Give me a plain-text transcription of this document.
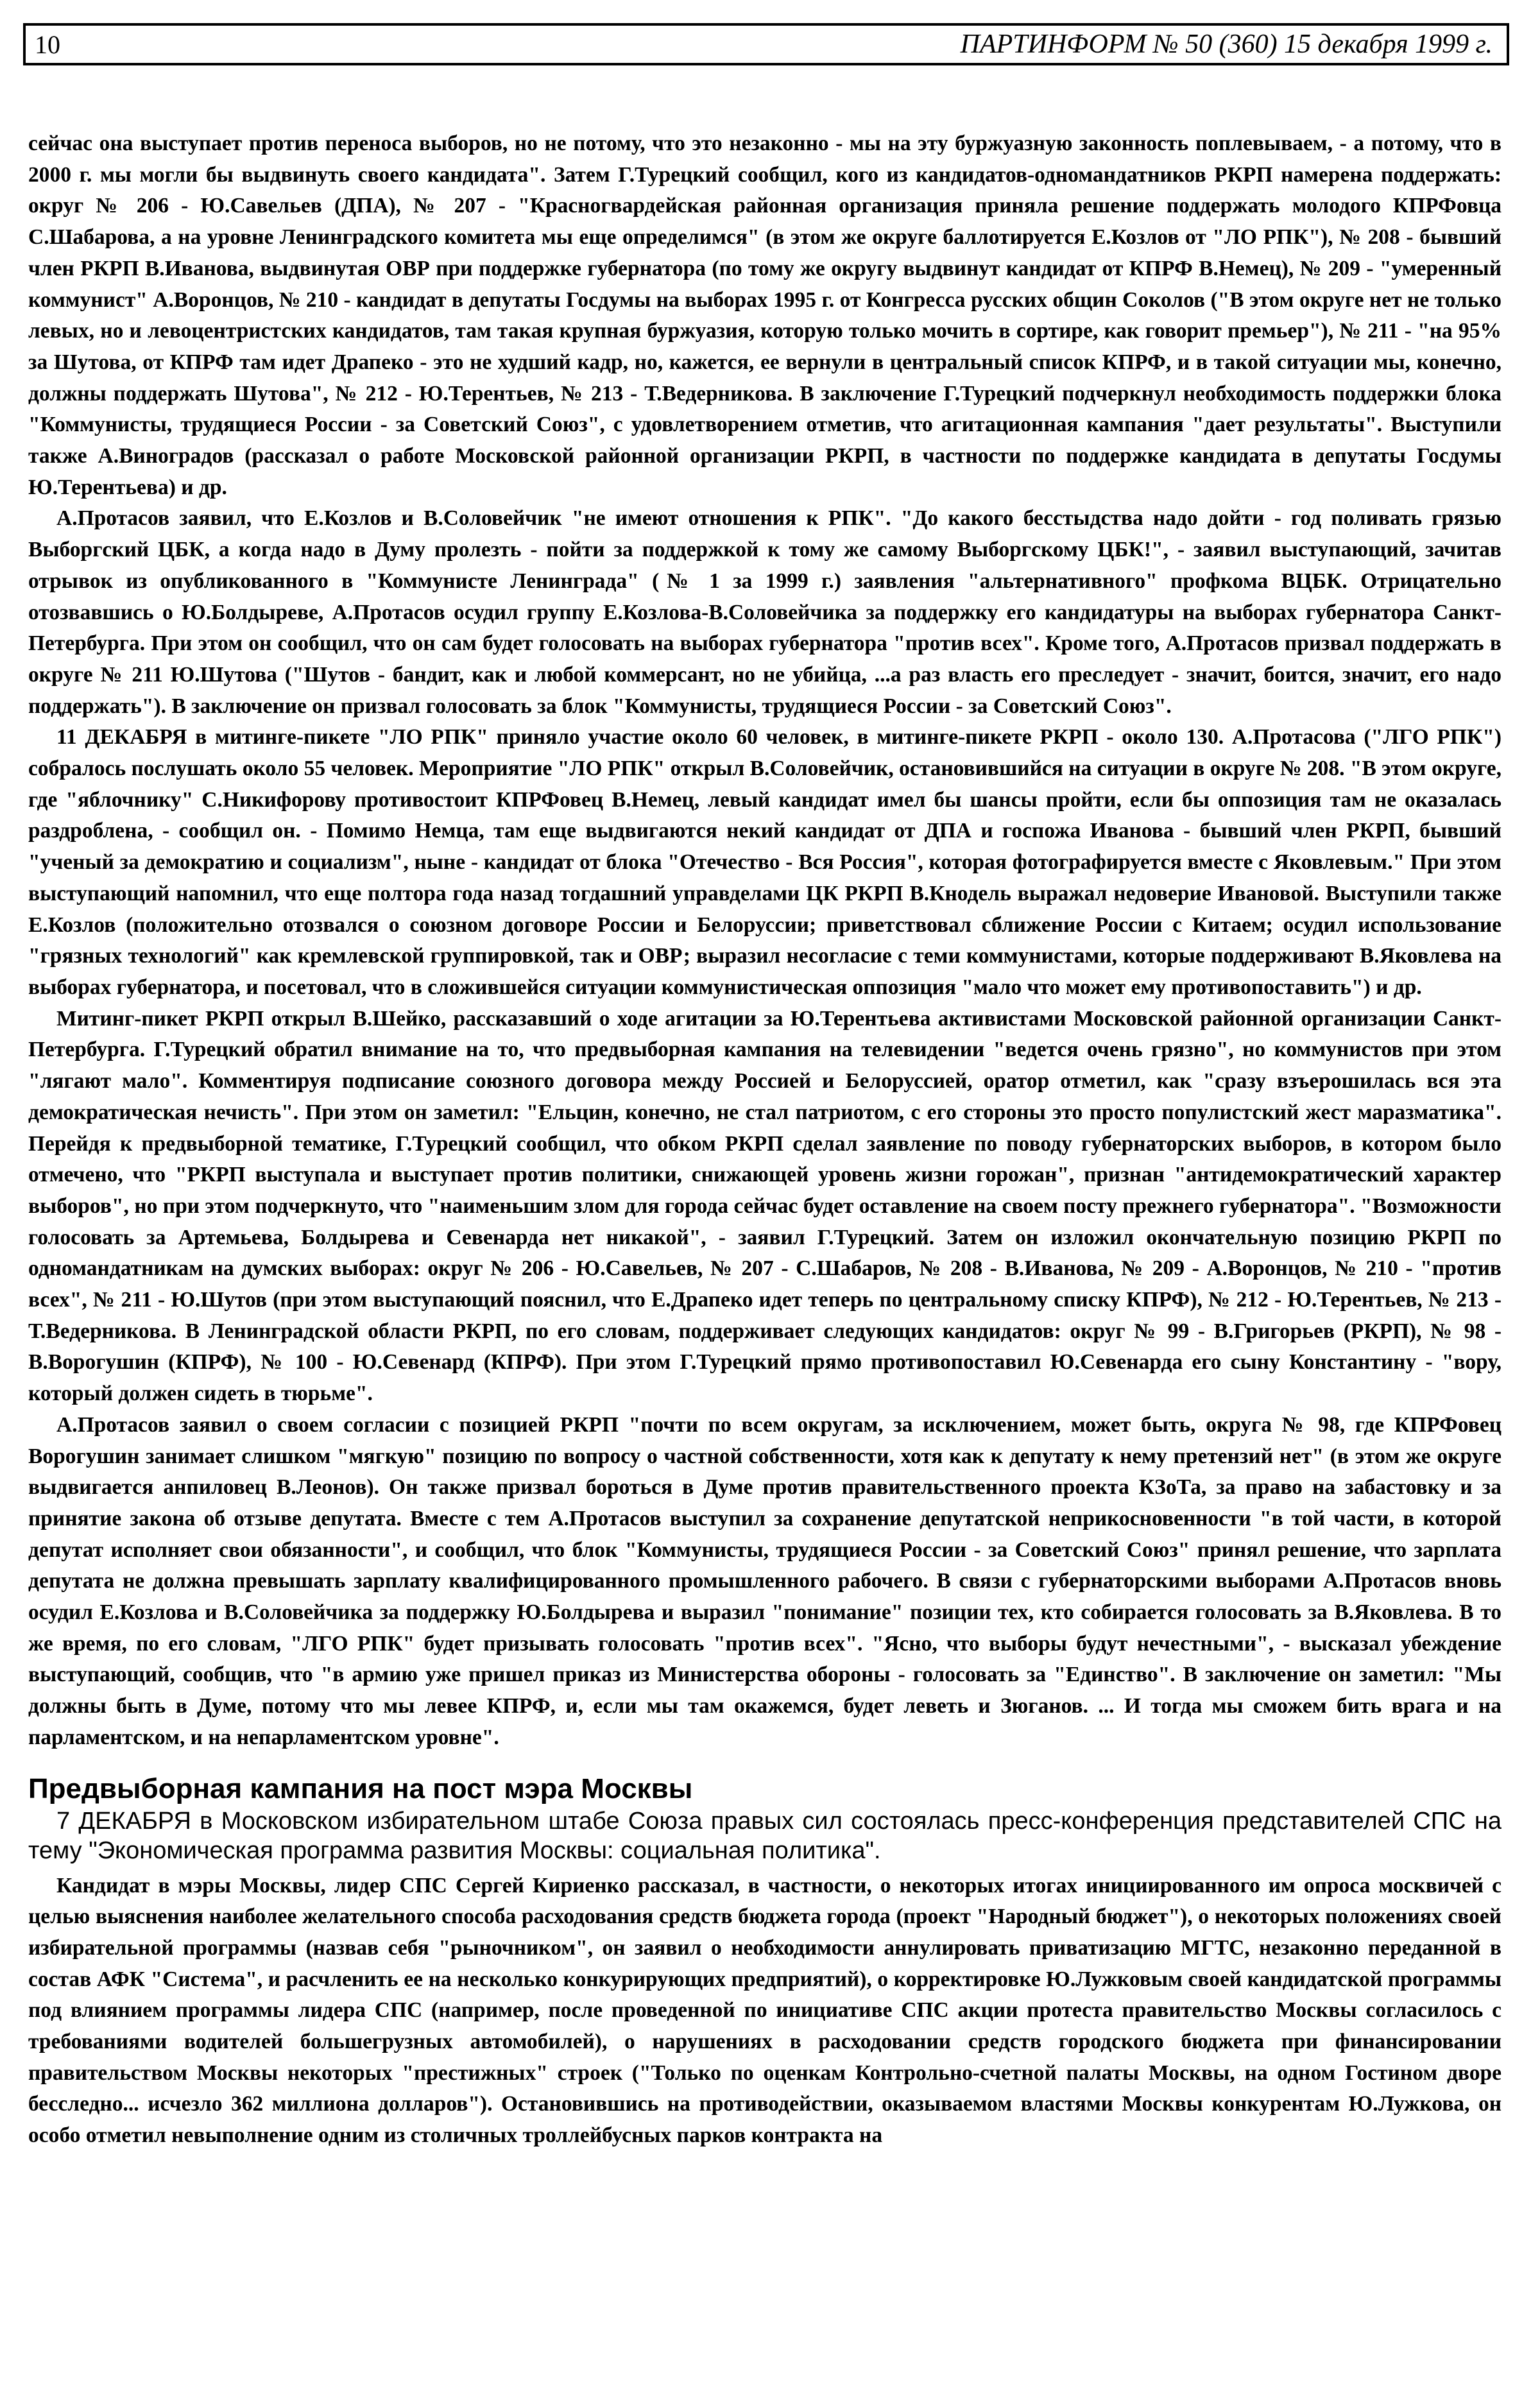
10	ПАРТИНФОРМ № 50 (360) 15 декабря 1999 г.

сейчас она выступает против переноса выборов, но не потому, что это незаконно - мы на эту буржуазную законность поплевываем, - а потому, что в 2000 г. мы могли бы выдвинуть своего кандидата". Затем Г.Турецкий сообщил, кого из кандидатов-одномандатников РКРП намерена поддержать: округ № 206 - Ю.Савельев (ДПА), № 207 - "Красногвардейская районная организация приняла решение поддержать молодого КПРФовца С.Шабарова, а на уровне Ленинградского комитета мы еще определимся" (в этом же округе баллотируется Е.Козлов от "ЛО РПК"), № 208 - бывший член РКРП В.Иванова, выдвинутая ОВР при поддержке губернатора (по тому же округу выдвинут кандидат от КПРФ В.Немец), № 209 - "умеренный коммунист" А.Воронцов, № 210 - кандидат в депутаты Госдумы на выборах 1995 г. от Конгресса русских общин Соколов ("В этом округе нет не только левых, но и левоцентристских кандидатов, там такая крупная буржуазия, которую только мочить в сортире, как говорит премьер"), № 211 - "на 95% за Шутова, от КПРФ там идет Драпеко - это не худший кадр, но, кажется, ее вернули в центральный список КПРФ, и в такой ситуации мы, конечно, должны поддержать Шутова", № 212 - Ю.Терентьев, № 213 - Т.Ведерникова. В заключение Г.Турецкий подчеркнул необходимость поддержки блока "Коммунисты, трудящиеся России - за Советский Союз", с удовлетворением отметив, что агитационная кампания "дает результаты". Выступили также А.Виноградов (рассказал о работе Московской районной организации РКРП, в частности по поддержке кандидата в депутаты Госдумы Ю.Терентьева) и др.

А.Протасов заявил, что Е.Козлов и В.Соловейчик "не имеют отношения к РПК". "До какого бесстыдства надо дойти - год поливать грязью Выборгский ЦБК, а когда надо в Думу пролезть - пойти за поддержкой к тому же самому Выборгскому ЦБК!", - заявил выступающий, зачитав отрывок из опубликованного в "Коммунисте Ленинграда" (№ 1 за 1999 г.) заявления "альтернативного" профкома ВЦБК. Отрицательно отозвавшись о Ю.Болдыреве, А.Протасов осудил группу Е.Козлова-В.Соловейчика за поддержку его кандидатуры на выборах губернатора Санкт-Петербурга. При этом он сообщил, что он сам будет голосовать на выборах губернатора "против всех". Кроме того, А.Протасов призвал поддержать в округе № 211 Ю.Шутова ("Шутов - бандит, как и любой коммерсант, но не убийца, ...а раз власть его преследует - значит, боится, значит, его надо поддержать"). В заключение он призвал голосовать за блок "Коммунисты, трудящиеся России - за Советский Союз".

11 ДЕКАБРЯ в митинге-пикете "ЛО РПК" приняло участие около 60 человек, в митинге-пикете РКРП - около 130. А.Протасова ("ЛГО РПК") собралось послушать около 55 человек. Мероприятие "ЛО РПК" открыл В.Соловейчик, остановившийся на ситуации в округе № 208. "В этом округе, где "яблочнику" С.Никифорову противостоит КПРФовец В.Немец, левый кандидат имел бы шансы пройти, если бы оппозиция там не оказалась раздроблена, - сообщил он. - Помимо Немца, там еще выдвигаются некий кандидат от ДПА и госпожа Иванова - бывший член РКРП, бывший "ученый за демократию и социализм", ныне - кандидат от блока "Отечество - Вся Россия", которая фотографируется вместе с Яковлевым." При этом выступающий напомнил, что еще полтора года назад тогдашний управделами ЦК РКРП В.Кнодель выражал недоверие Ивановой. Выступили также Е.Козлов (положительно отозвался о союзном договоре России и Белоруссии; приветствовал сближение России с Китаем; осудил использование "грязных технологий" как кремлевской группировкой, так и ОВР; выразил несогласие с теми коммунистами, которые поддерживают В.Яковлева на выборах губернатора, и посетовал, что в сложившейся ситуации коммунистическая оппозиция "мало что может ему противопоставить") и др.

Митинг-пикет РКРП открыл В.Шейко, рассказавший о ходе агитации за Ю.Терентьева активистами Московской районной организации Санкт-Петербурга. Г.Турецкий обратил внимание на то, что предвыборная кампания на телевидении "ведется очень грязно", но коммунистов при этом "лягают мало". Комментируя подписание союзного договора между Россией и Белоруссией, оратор отметил, как "сразу взъерошилась вся эта демократическая нечисть". При этом он заметил: "Ельцин, конечно, не стал патриотом, с его стороны это просто популистский жест маразматика". Перейдя к предвыборной тематике, Г.Турецкий сообщил, что обком РКРП сделал заявление по поводу губернаторских выборов, в котором было отмечено, что "РКРП выступала и выступает против политики, снижающей уровень жизни горожан", признан "антидемократический характер выборов", но при этом подчеркнуто, что "наименьшим злом для города сейчас будет оставление на своем посту прежнего губернатора". "Возможности голосовать за Артемьева, Болдырева и Севенарда нет никакой", - заявил Г.Турецкий. Затем он изложил окончательную позицию РКРП по одномандатникам на думских выборах: округ № 206 - Ю.Савельев, № 207 - С.Шабаров, № 208 - В.Иванова, № 209 - А.Воронцов, № 210 - "против всех", № 211 - Ю.Шутов (при этом выступающий пояснил, что Е.Драпеко идет теперь по центральному списку КПРФ), № 212 - Ю.Терентьев, № 213 - Т.Ведерникова. В Ленинградской области РКРП, по его словам, поддерживает следующих кандидатов: округ № 99 - В.Григорьев (РКРП), № 98 - В.Ворогушин (КПРФ), № 100 - Ю.Севенард (КПРФ). При этом Г.Турецкий прямо противопоставил Ю.Севенарда его сыну Константину - "вору, который должен сидеть в тюрьме".

А.Протасов заявил о своем согласии с позицией РКРП "почти по всем округам, за исключением, может быть, округа № 98, где КПРФовец Ворогушин занимает слишком "мягкую" позицию по вопросу о частной собственности, хотя как к депутату к нему претензий нет" (в этом же округе выдвигается анпиловец В.Леонов). Он также призвал бороться в Думе против правительственного проекта КЗоТа, за право на забастовку и за принятие закона об отзыве депутата. Вместе с тем А.Протасов выступил за сохранение депутатской неприкосновенности "в той части, в которой депутат исполняет свои обязанности", и сообщил, что блок "Коммунисты, трудящиеся России - за Советский Союз" принял решение, что зарплата депутата не должна превышать зарплату квалифицированного промышленного рабочего. В связи с губернаторскими выборами А.Протасов вновь осудил Е.Козлова и В.Соловейчика за поддержку Ю.Болдырева и выразил "понимание" позиции тех, кто собирается голосовать за В.Яковлева. В то же время, по его словам, "ЛГО РПК" будет призывать голосовать "против всех". "Ясно, что выборы будут нечестными", - высказал убеждение выступающий, сообщив, что "в армию уже пришел приказ из Министерства обороны - голосовать за "Единство". В заключение он заметил: "Мы должны быть в Думе, потому что мы левее КПРФ, и, если мы там окажемся, будет леветь и Зюганов. ... И тогда мы сможем бить врага и на парламентском, и на непарламентском уровне".

Предвыборная кампания на пост мэра Москвы

7 ДЕКАБРЯ в Московском избирательном штабе Союза правых сил состоялась пресс-конференция представителей СПС на тему "Экономическая программа развития Москвы: социальная политика".

Кандидат в мэры Москвы, лидер СПС Сергей Кириенко рассказал, в частности, о некоторых итогах инициированного им опроса москвичей с целью выяснения наиболее желательного способа расходования средств бюджета города (проект "Народный бюджет"), о некоторых положениях своей избирательной программы (назвав себя "рыночником", он заявил о необходимости аннулировать приватизацию МГТС, незаконно переданной в состав АФК "Система", и расчленить ее на несколько конкурирующих предприятий), о корректировке Ю.Лужковым своей кандидатской программы под влиянием программы лидера СПС (например, после проведенной по инициативе СПС акции протеста правительство Москвы согласилось с требованиями водителей большегрузных автомобилей), о нарушениях в расходовании средств городского бюджета при финансировании правительством Москвы некоторых "престижных" строек ("Только по оценкам Контрольно-счетной палаты Москвы, на одном Гостином дворе бесследно... исчезло 362 миллиона долларов"). Остановившись на противодействии, оказываемом властями Москвы конкурентам Ю.Лужкова, он особо отметил невыполнение одним из столичных троллейбусных парков контракта на
